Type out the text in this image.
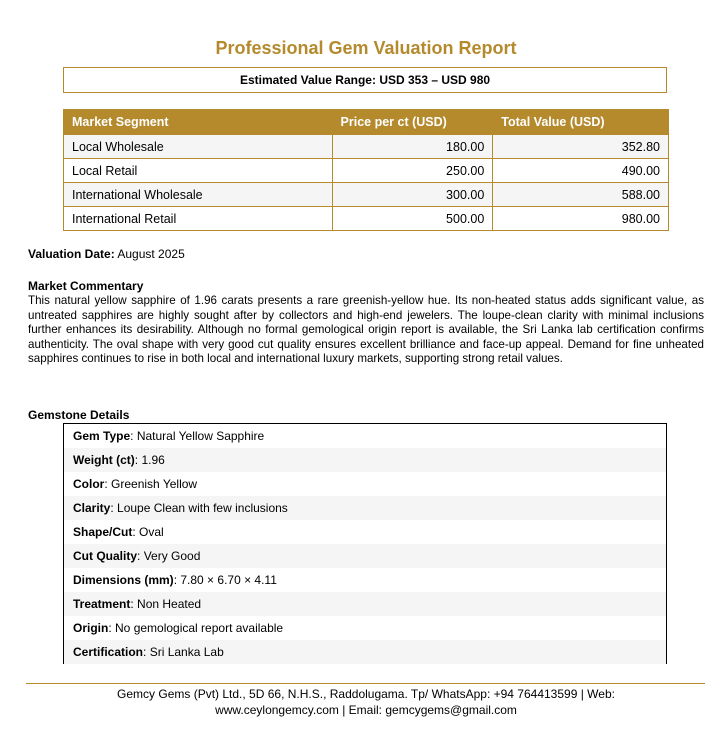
Professional Gem Valuation Report
Estimated Value Range: USD 353 – USD 980
Market Segment	Price per ct (USD)	Total Value (USD)
Local Wholesale	180.00	352.80
Local Retail	250.00	490.00
International Wholesale	300.00	588.00
International Retail	500.00	980.00
Valuation Date: August 2025
Market Commentary
This natural yellow sapphire of 1.96 carats presents a rare greenish-yellow hue. Its non-heated status adds significant value, as untreated sapphires are highly sought after by collectors and high-end jewelers. The loupe-clean clarity with minimal inclusions further enhances its desirability. Although no formal gemological origin report is available, the Sri Lanka lab certification confirms authenticity. The oval shape with very good cut quality ensures excellent brilliance and face-up appeal. Demand for fine unheated sapphires continues to rise in both local and international luxury markets, supporting strong retail values.
Gemstone Details
Gem Type: Natural Yellow Sapphire
Weight (ct): 1.96
Color: Greenish Yellow
Clarity: Loupe Clean with few inclusions
Shape/Cut: Oval
Cut Quality: Very Good
Dimensions (mm): 7.80 × 6.70 × 4.11
Treatment: Non Heated
Origin: No gemological report available
Certification: Sri Lanka Lab
Gemcy Gems (Pvt) Ltd., 5D 66, N.H.S., Raddolugama. Tp/ WhatsApp: +94 764413599 | Web:
www.ceylongemcy.com | Email: gemcygems@gmail.com
